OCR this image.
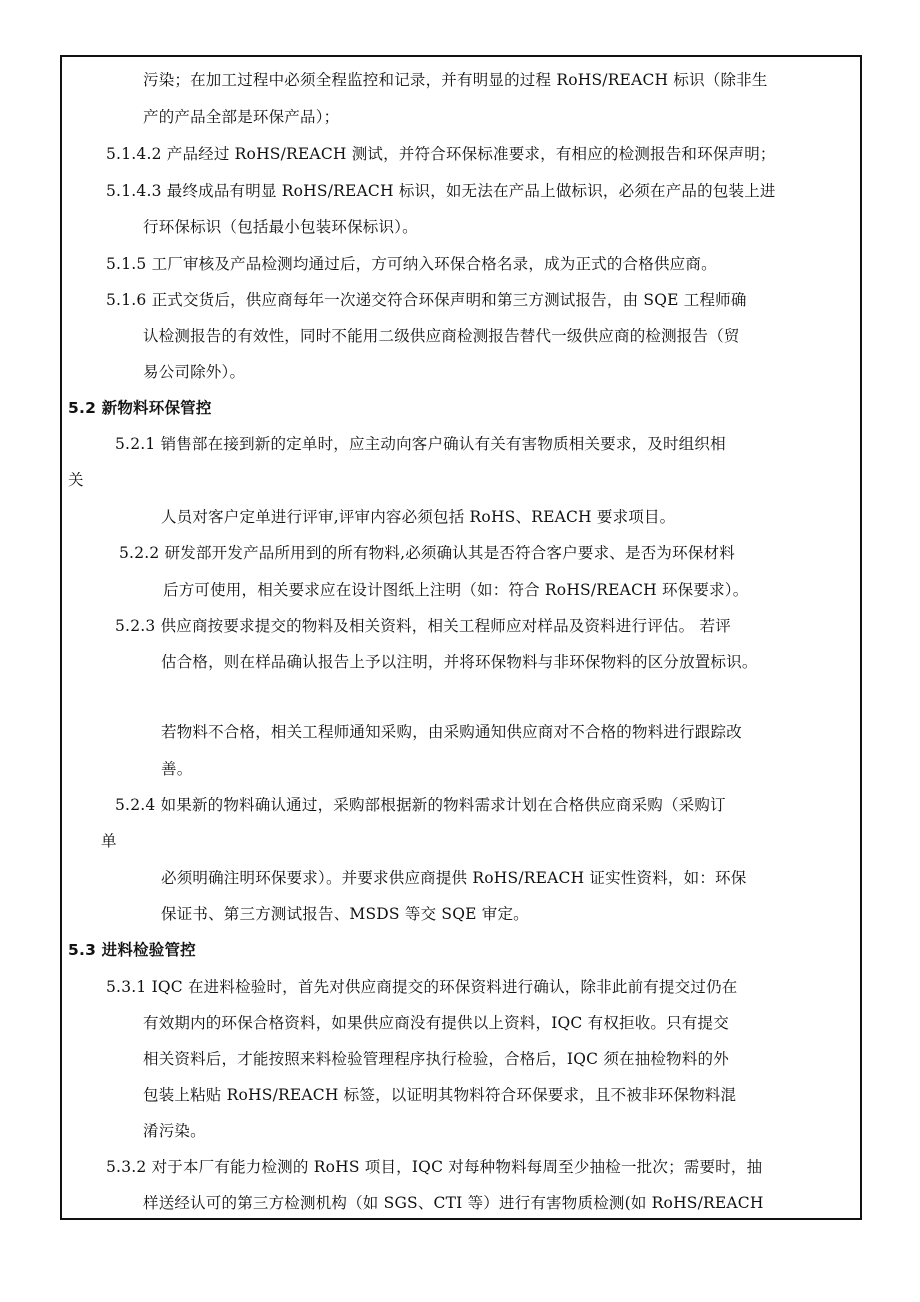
污染；在加工过程中必须全程监控和记录，并有明显的过程 RoHS/REACH 标识（除非生
产的产品全部是环保产品）；
5.1.4.2 产品经过 RoHS/REACH 测试，并符合环保标准要求，有相应的检测报告和环保声明；
5.1.4.3 最终成品有明显 RoHS/REACH 标识，如无法在产品上做标识，必须在产品的包装上进
行环保标识（包括最小包装环保标识）。
5.1.5 工厂审核及产品检测均通过后，方可纳入环保合格名录，成为正式的合格供应商。
5.1.6 正式交货后，供应商每年一次递交符合环保声明和第三方测试报告，由 SQE 工程师确
认检测报告的有效性，同时不能用二级供应商检测报告替代一级供应商的检测报告（贸
易公司除外）。
5.2 新物料环保管控
5.2.1 销售部在接到新的定单时，应主动向客户确认有关有害物质相关要求，及时组织相
关
人员对客户定单进行评审,评审内容必须包括 RoHS、REACH 要求项目。
5.2.2 研发部开发产品所用到的所有物料,必须确认其是否符合客户要求、是否为环保材料
后方可使用，相关要求应在设计图纸上注明（如：符合 RoHS/REACH 环保要求）。
5.2.3 供应商按要求提交的物料及相关资料，相关工程师应对样品及资料进行评估。 若评
估合格，则在样品确认报告上予以注明，并将环保物料与非环保物料的区分放置标识。
若物料不合格，相关工程师通知采购，由采购通知供应商对不合格的物料进行跟踪改
善。
5.2.4 如果新的物料确认通过，采购部根据新的物料需求计划在合格供应商采购（采购订
单
必须明确注明环保要求）。并要求供应商提供 RoHS/REACH 证实性资料，如：环保
保证书、第三方测试报告、MSDS 等交 SQE 审定。
5.3 进料检验管控
5.3.1 IQC 在进料检验时，首先对供应商提交的环保资料进行确认，除非此前有提交过仍在
有效期内的环保合格资料，如果供应商没有提供以上资料，IQC 有权拒收。只有提交
相关资料后，才能按照来料检验管理程序执行检验，合格后，IQC 须在抽检物料的外
包装上粘贴 RoHS/REACH 标签，以证明其物料符合环保要求，且不被非环保物料混
淆污染。
5.3.2 对于本厂有能力检测的 RoHS 项目，IQC 对每种物料每周至少抽检一批次；需要时，抽
样送经认可的第三方检测机构（如 SGS、CTI 等）进行有害物质检测(如 RoHS/REACH
